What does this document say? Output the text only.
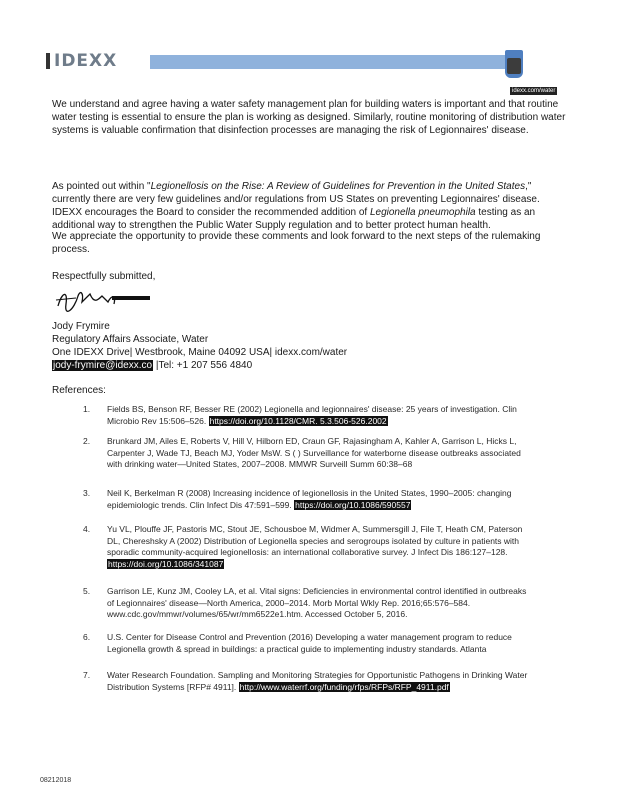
IDEXX
idexx.com/water

We understand and agree having a water safety management plan for building waters is important and that routine water testing is essential to ensure the plan is working as designed. Similarly, routine monitoring of distribution water systems is valuable confirmation that disinfection processes are managing the risk of Legionnaires' disease.

As pointed out within "Legionellosis on the Rise: A Review of Guidelines for Prevention in the United States," currently there are very few guidelines and/or regulations from US States on preventing Legionnaires' disease. IDEXX encourages the Board to consider the recommended addition of Legionella pneumophila testing as an additional way to strengthen the Public Water Supply regulation and to better protect human health.

We appreciate the opportunity to provide these comments and look forward to the next steps of the rulemaking process.

Respectfully submitted,
Jody Frymire
Regulatory Affairs Associate, Water
One IDEXX Drive| Westbrook, Maine 04092 USA| idexx.com/water
jody-frymire@idexx.co |Tel: +1 207 556 4840
References:
1. Fields BS, Benson RF, Besser RE (2002) Legionella and legionnaires' disease: 25 years of investigation. Clin Microbio Rev 15:506–526. https://doi.org/10.1128/CMR. 5.3.506-526.2002
2. Brunkard JM, Ailes E, Roberts V, Hill V, Hilborn ED, Craun GF, Rajasingham A, Kahler A, Garrison L, Hicks L, Carpenter J, Wade TJ, Beach MJ, Yoder MsW. S ( ) Surveillance for waterborne disease outbreaks associated with drinking water—United States, 2007–2008. MMWR Surveill Summ 60:38–68
3. Neil K, Berkelman R (2008) Increasing incidence of legionellosis in the United States, 1990–2005: changing epidemiologic trends. Clin Infect Dis 47:591–599. https://doi.org/10.1086/590557
4. Yu VL, Plouffe JF, Pastoris MC, Stout JE, Schousboe M, Widmer A, Summersgill J, File T, Heath CM, Paterson DL, Chereshsky A (2002) Distribution of Legionella species and serogroups isolated by culture in patients with sporadic community-acquired legionellosis: an international collaborative survey. J Infect Dis 186:127–128. https://doi.org/10.1086/341087
5. Garrison LE, Kunz JM, Cooley LA, et al. Vital signs: Deficiencies in environmental control identified in outbreaks of Legionnaires' disease—North America, 2000–2014. Morb Mortal Wkly Rep. 2016;65:576–584. www.cdc.gov/mmwr/volumes/65/wr/mm6522e1.htm. Accessed October 5, 2016.
6. U.S. Center for Disease Control and Prevention (2016) Developing a water management program to reduce Legionella growth & spread in buildings: a practical guide to implementing industry standards. Atlanta
7. Water Research Foundation. Sampling and Monitoring Strategies for Opportunistic Pathogens in Drinking Water Distribution Systems [RFP# 4911]. http://www.waterrf.org/funding/rfps/RFPs/RFP_4911.pdf
08212018
